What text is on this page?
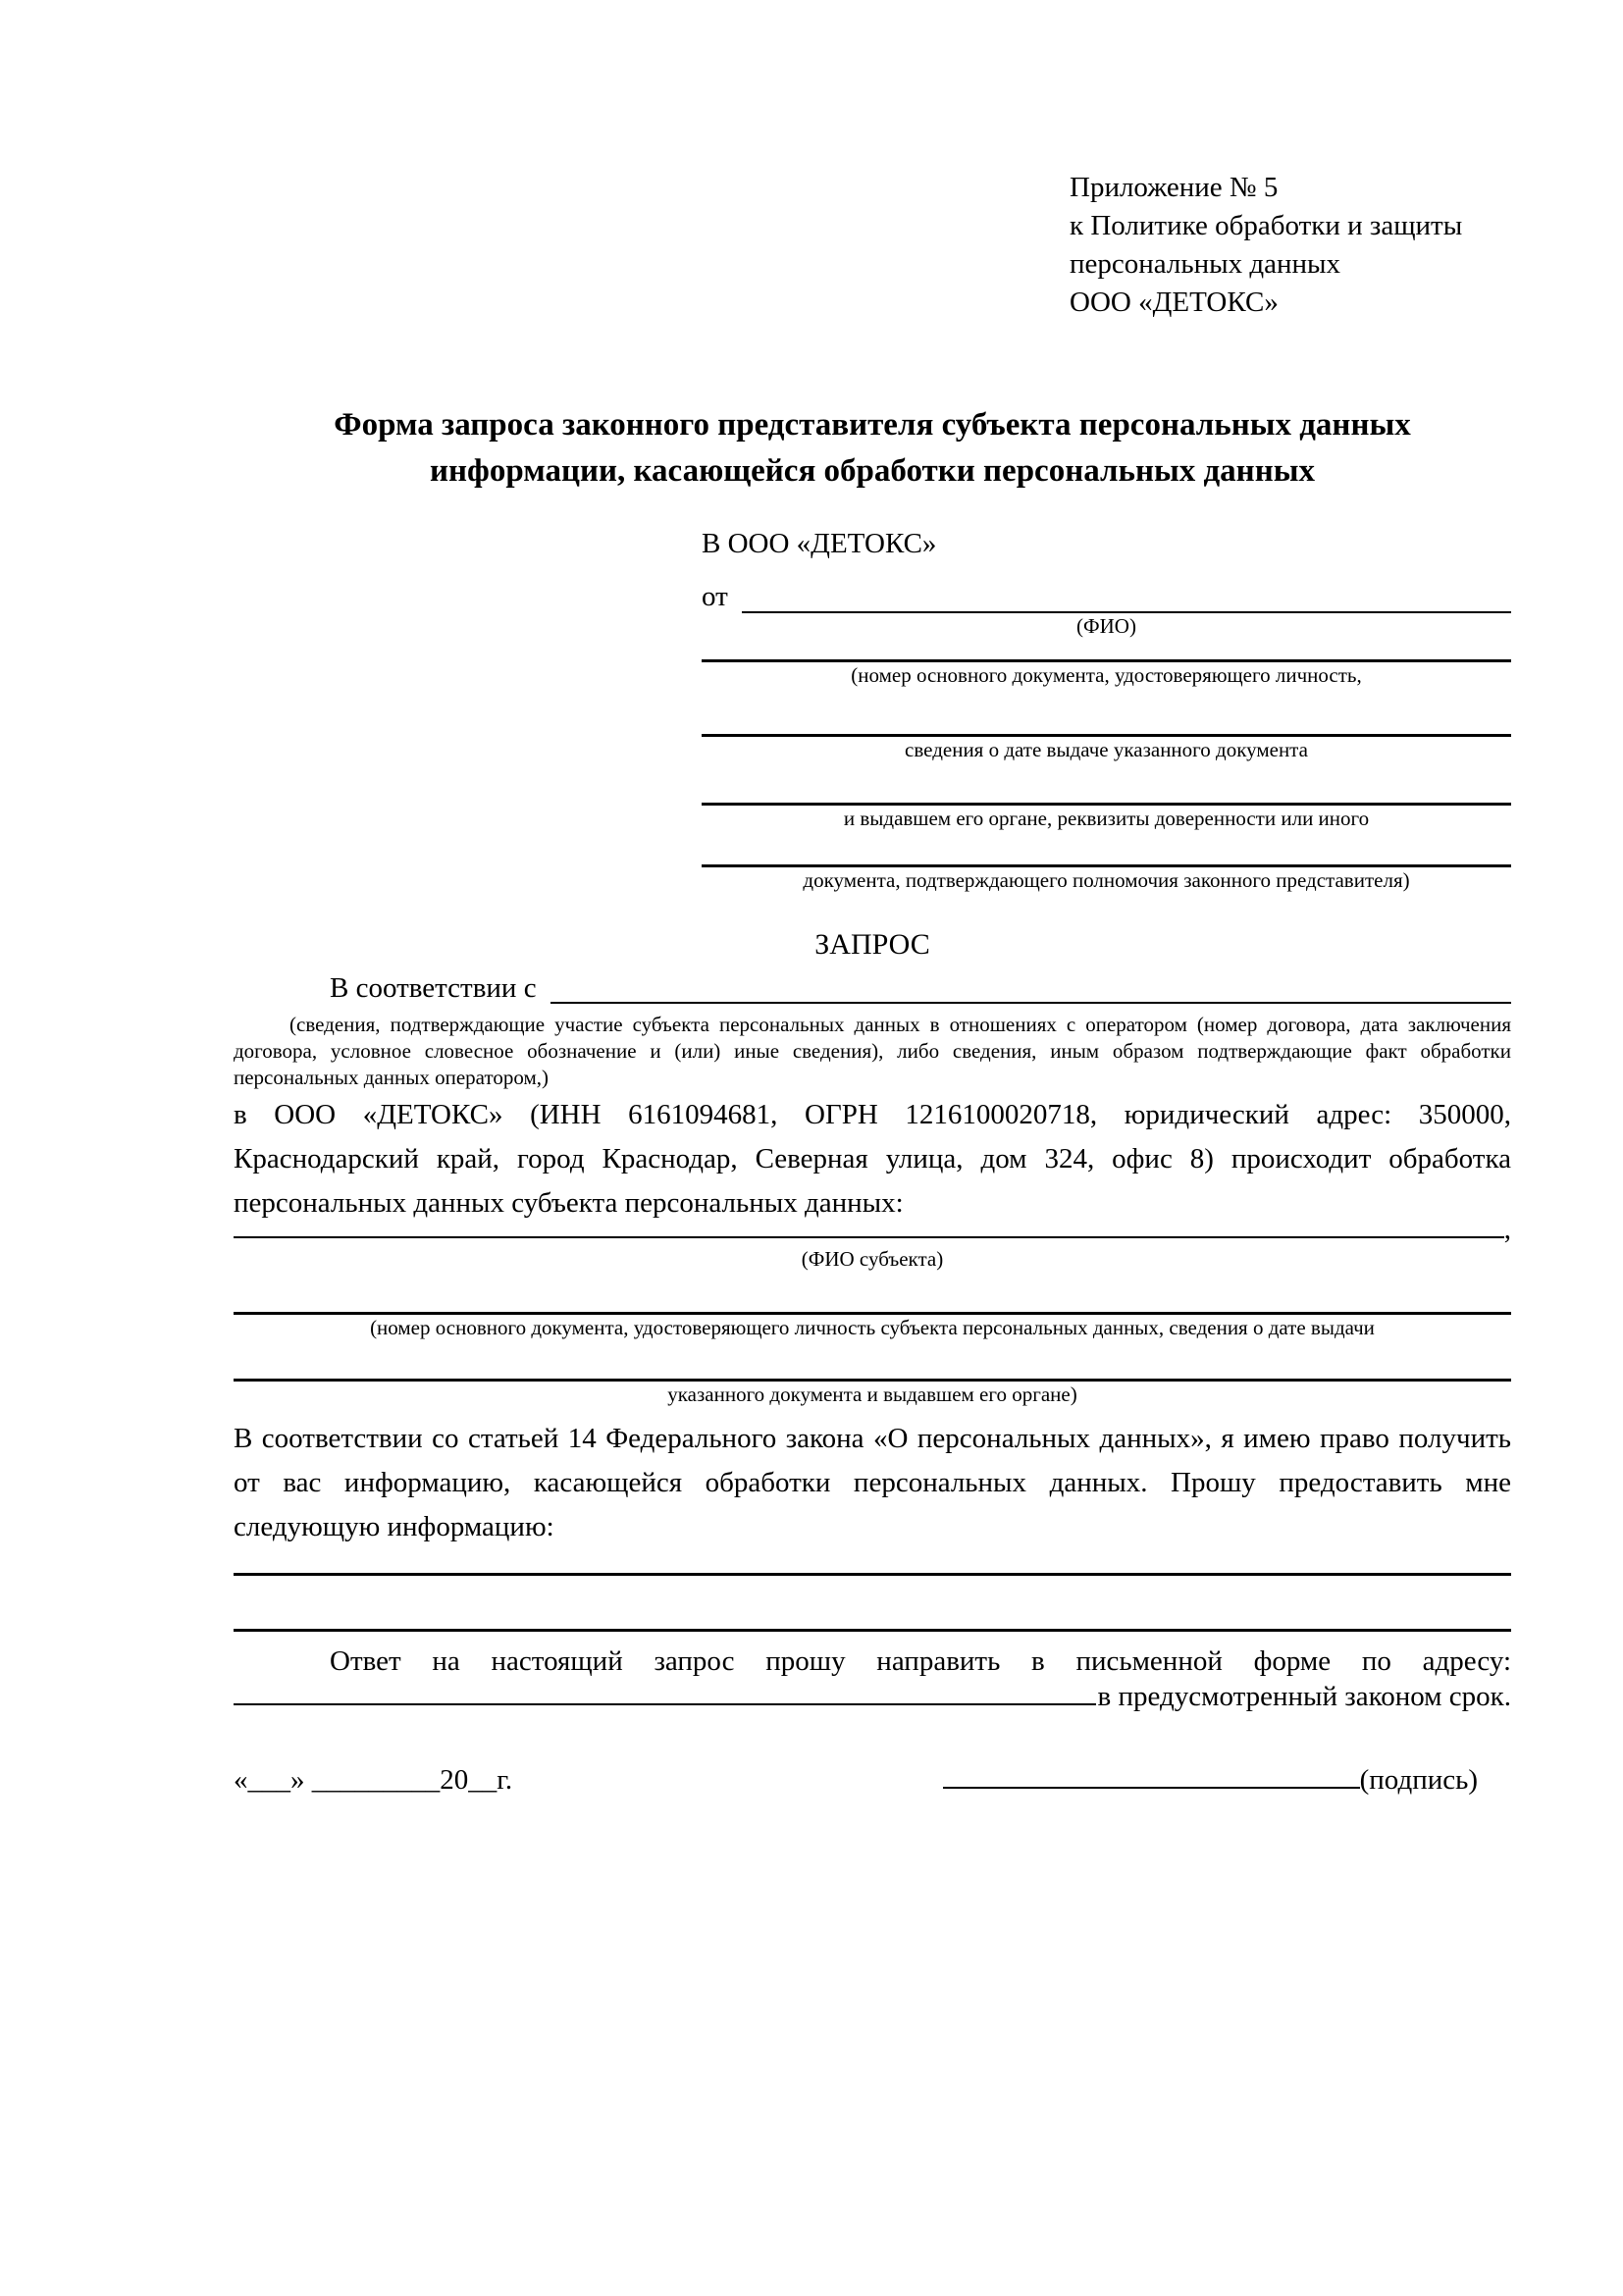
Приложение № 5
к Политике обработки и защиты
персональных данных
ООО «ДЕТОКС»
Форма запроса законного представителя субъекта персональных данных
информации, касающейся обработки персональных данных
В ООО «ДЕТОКС»
от
(ФИО)
(номер основного документа, удостоверяющего личность,
сведения о дате выдаче указанного документа
и выдавшем его органе, реквизиты доверенности или иного
документа, подтверждающего полномочия законного представителя)
ЗАПРОС
В соответствии с
(сведения, подтверждающие участие субъекта персональных данных в отношениях с оператором (номер договора, дата заключения договора, условное словесное обозначение и (или) иные сведения), либо сведения, иным образом подтверждающие факт обработки персональных данных оператором,)
в ООО «ДЕТОКС» (ИНН 6161094681, ОГРН 1216100020718, юридический адрес: 350000, Краснодарский край, город Краснодар, Северная улица, дом 324, офис 8) происходит обработка персональных данных субъекта персональных данных:
,
(ФИО субъекта)
(номер основного документа, удостоверяющего личность субъекта персональных данных, сведения о дате выдачи
указанного документа и выдавшем его органе)
В соответствии со статьей 14 Федерального закона «О персональных данных», я имею право получить от вас информацию, касающейся обработки персональных данных. Прошу предоставить мне следующую информацию:
Ответ на настоящий запрос прошу направить в письменной форме по адресу:
в предусмотренный законом срок.
«___» _________20__г.	(подпись)
